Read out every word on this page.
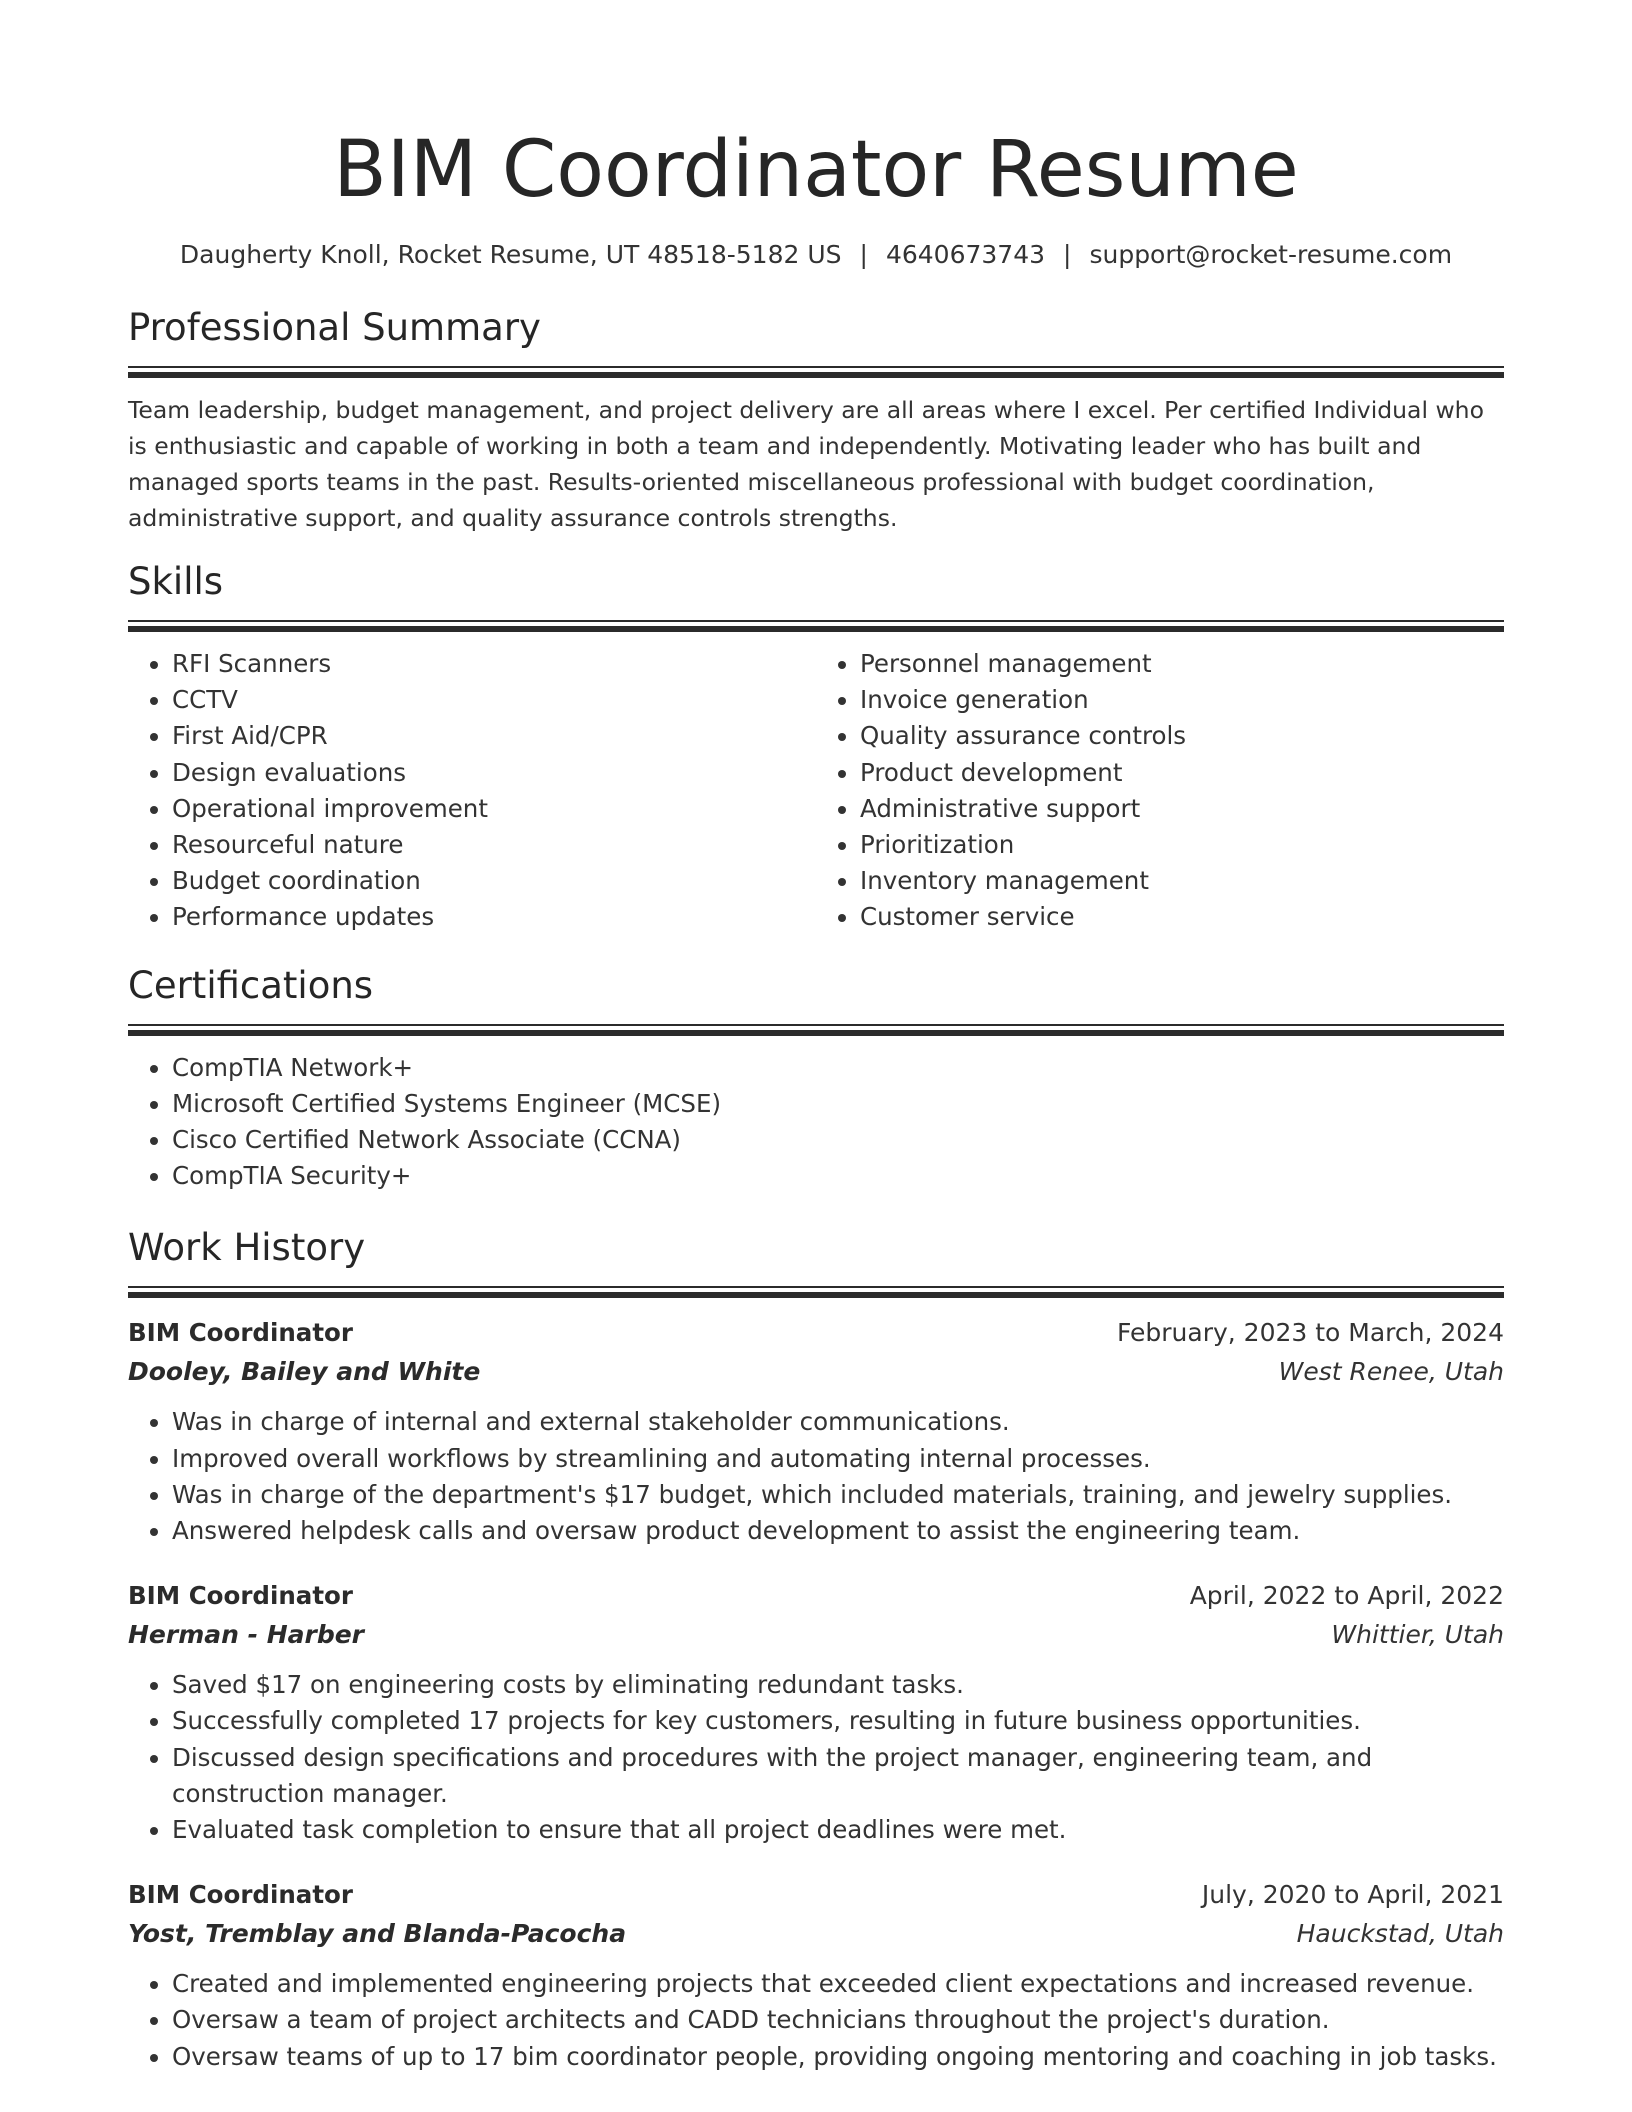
BIM Coordinator Resume
Daugherty Knoll, Rocket Resume, UT 48518-5182 US | 4640673743 | support@rocket-resume.com
Professional Summary

Team leadership, budget management, and project delivery are all areas where I excel. Per certified Individual who is enthusiastic and capable of working in both a team and independently. Motivating leader who has built and managed sports teams in the past. Results-oriented miscellaneous professional with budget coordination, administrative support, and quality assurance controls strengths.

Skills
• RFI Scanners
• CCTV
• First Aid/CPR
• Design evaluations
• Operational improvement
• Resourceful nature
• Budget coordination
• Performance updates
• Personnel management
• Invoice generation
• Quality assurance controls
• Product development
• Administrative support
• Prioritization
• Inventory management
• Customer service
Certifications
• CompTIA Network+
• Microsoft Certified Systems Engineer (MCSE)
• Cisco Certified Network Associate (CCNA)
• CompTIA Security+
Work History
BIM Coordinator	February, 2023 to March, 2024
Dooley, Bailey and White	West Renee, Utah
• Was in charge of internal and external stakeholder communications.
• Improved overall workflows by streamlining and automating internal processes.
• Was in charge of the department's $17 budget, which included materials, training, and jewelry supplies.
• Answered helpdesk calls and oversaw product development to assist the engineering team.
BIM Coordinator	April, 2022 to April, 2022
Herman - Harber	Whittier, Utah
• Saved $17 on engineering costs by eliminating redundant tasks.
• Successfully completed 17 projects for key customers, resulting in future business opportunities.
• Discussed design specifications and procedures with the project manager, engineering team, and construction manager.
• Evaluated task completion to ensure that all project deadlines were met.
BIM Coordinator	July, 2020 to April, 2021
Yost, Tremblay and Blanda-Pacocha	Hauckstad, Utah
• Created and implemented engineering projects that exceeded client expectations and increased revenue.
• Oversaw a team of project architects and CADD technicians throughout the project's duration.
• Oversaw teams of up to 17 bim coordinator people, providing ongoing mentoring and coaching in job tasks.
